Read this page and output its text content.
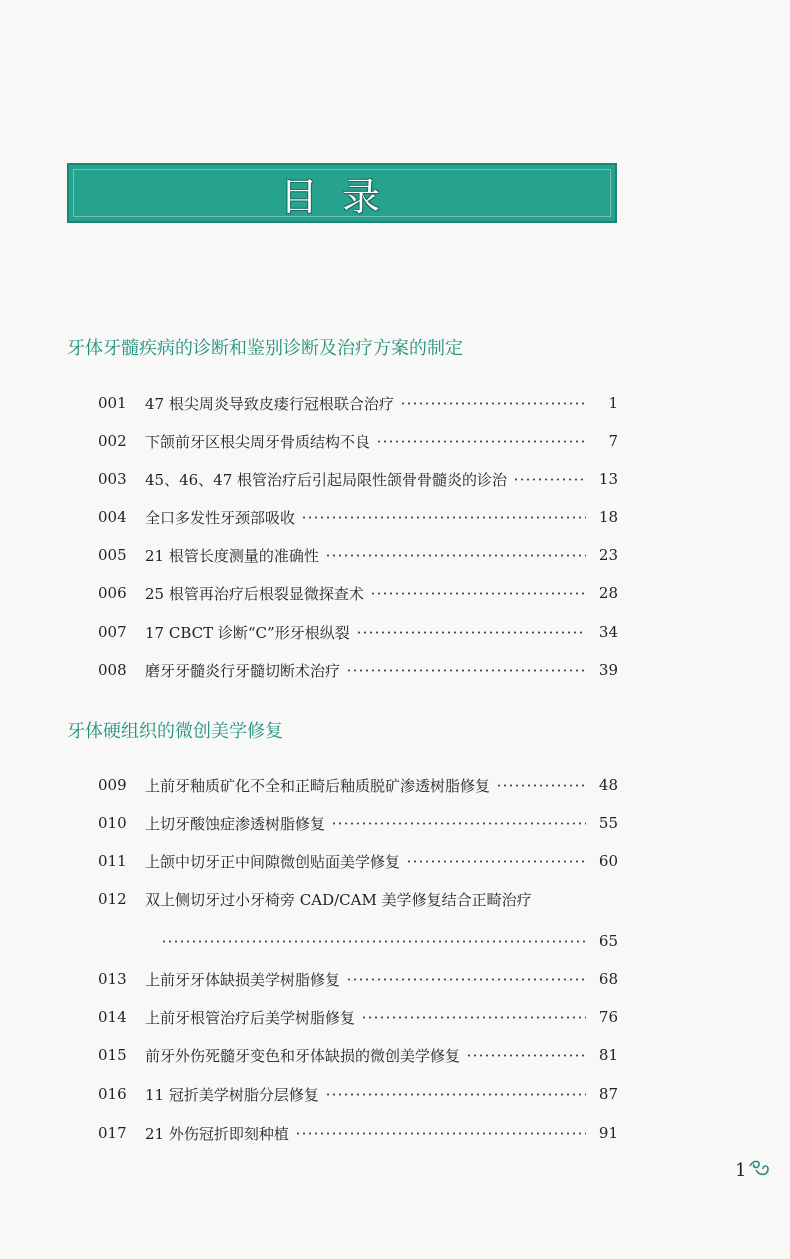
目录
牙体牙髓疾病的诊断和鉴别诊断及治疗方案的制定
001	47 根尖周炎导致皮瘘行冠根联合治疗	1
002	下颌前牙区根尖周牙骨质结构不良	7
003	45、46、47 根管治疗后引起局限性颌骨骨髓炎的诊治	13
004	全口多发性牙颈部吸收	18
005	21 根管长度测量的准确性	23
006	25 根管再治疗后根裂显微探查术	28
007	17 CBCT 诊断“C”形牙根纵裂	34
008	磨牙牙髓炎行牙髓切断术治疗	39
牙体硬组织的微创美学修复
009	上前牙釉质矿化不全和正畸后釉质脱矿渗透树脂修复	48
010	上切牙酸蚀症渗透树脂修复	55
011	上颌中切牙正中间隙微创贴面美学修复	60
012	双上侧切牙过小牙椅旁 CAD/CAM 美学修复结合正畸治疗
65
013	上前牙牙体缺损美学树脂修复	68
014	上前牙根管治疗后美学树脂修复	76
015	前牙外伤死髓牙变色和牙体缺损的微创美学修复	81
016	11 冠折美学树脂分层修复	87
017	21 外伤冠折即刻种植	91
1
